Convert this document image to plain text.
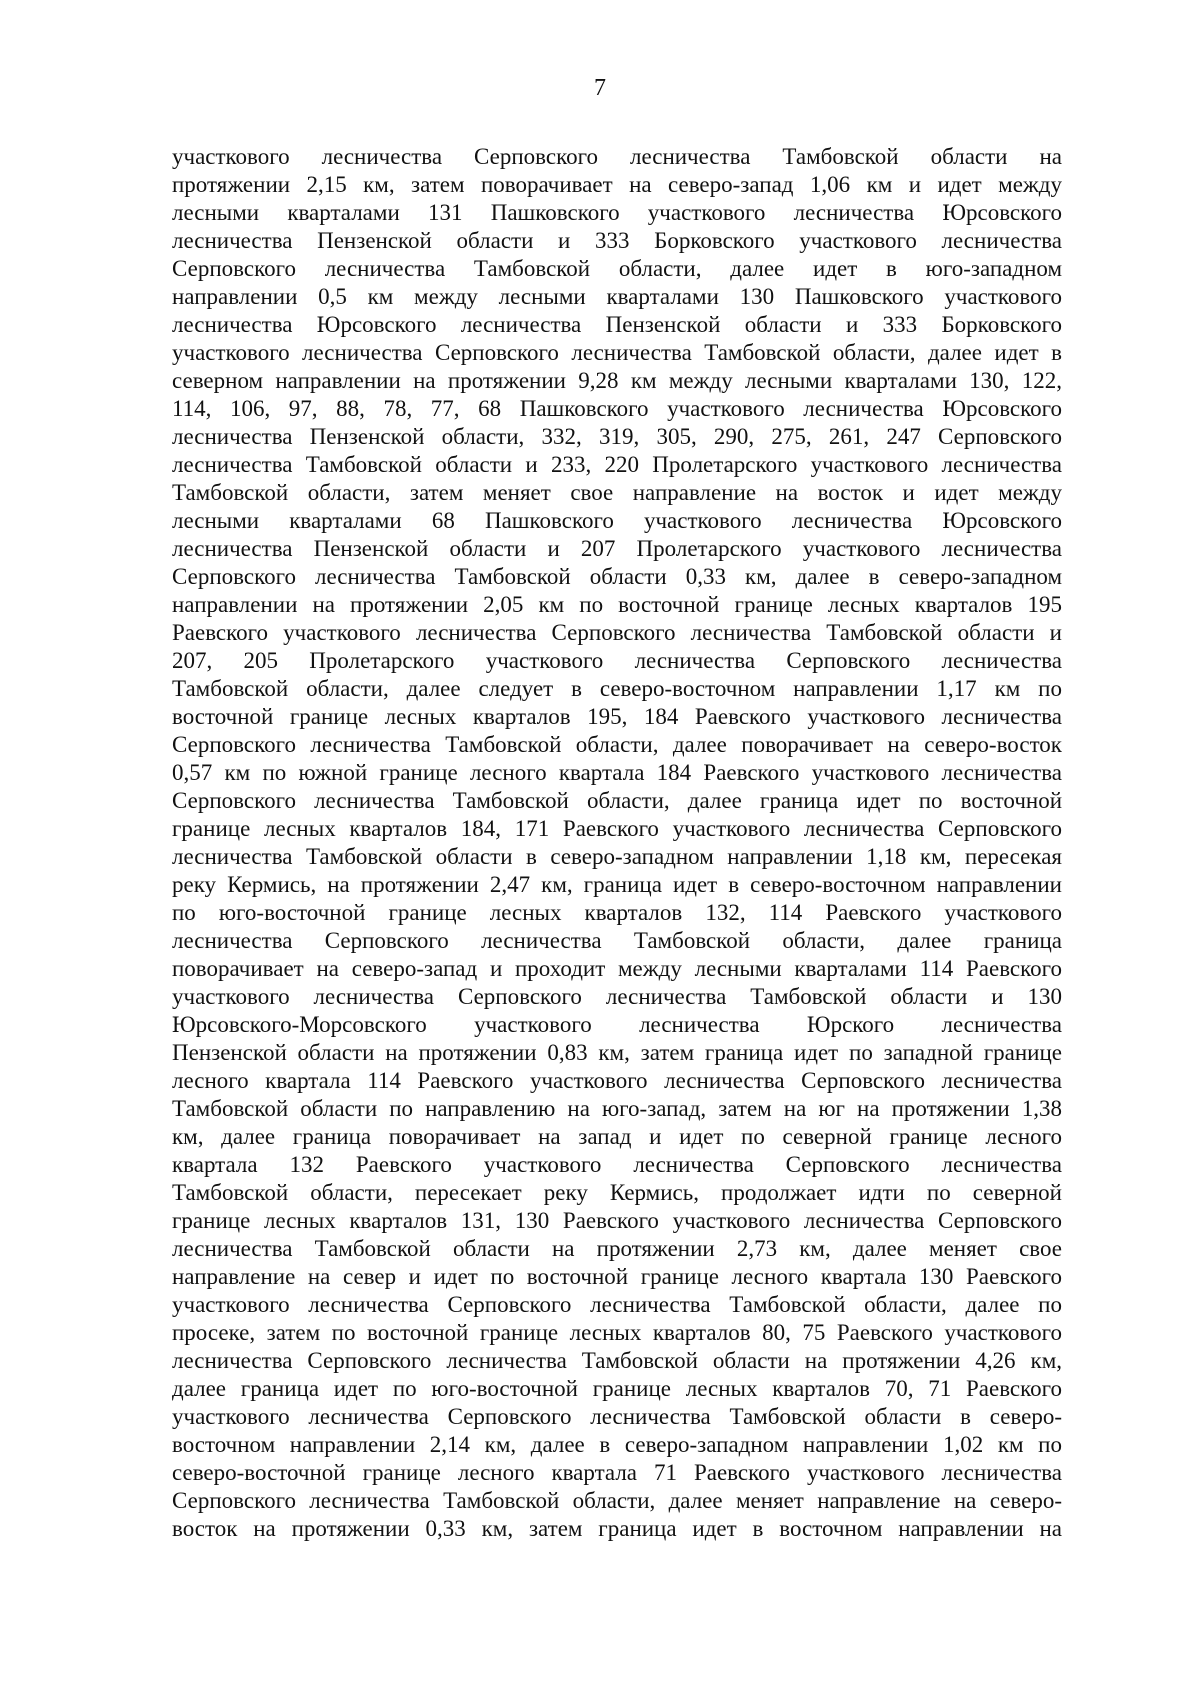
7
участкового лесничества Серповского лесничества Тамбовской области на
протяжении 2,15 км, затем поворачивает на северо-запад 1,06 км и идет между
лесными кварталами 131 Пашковского участкового лесничества Юрсовского
лесничества Пензенской области и 333 Борковского участкового лесничества
Серповского лесничества Тамбовской области, далее идет в юго-западном
направлении 0,5 км между лесными кварталами 130 Пашковского участкового
лесничества Юрсовского лесничества Пензенской области и 333 Борковского
участкового лесничества Серповского лесничества Тамбовской области, далее идет в
северном направлении на протяжении 9,28 км между лесными кварталами 130, 122,
114, 106, 97, 88, 78, 77, 68 Пашковского участкового лесничества Юрсовского
лесничества Пензенской области, 332, 319, 305, 290, 275, 261, 247 Серповского
лесничества Тамбовской области и 233, 220 Пролетарского участкового лесничества
Тамбовской области, затем меняет свое направление на восток и идет между
лесными кварталами 68 Пашковского участкового лесничества Юрсовского
лесничества Пензенской области и 207 Пролетарского участкового лесничества
Серповского лесничества Тамбовской области 0,33 км, далее в северо-западном
направлении на протяжении 2,05 км по восточной границе лесных кварталов 195
Раевского участкового лесничества Серповского лесничества Тамбовской области и
207, 205 Пролетарского участкового лесничества Серповского лесничества
Тамбовской области, далее следует в северо-восточном направлении 1,17 км по
восточной границе лесных кварталов 195, 184 Раевского участкового лесничества
Серповского лесничества Тамбовской области, далее поворачивает на северо-восток
0,57 км по южной границе лесного квартала 184 Раевского участкового лесничества
Серповского лесничества Тамбовской области, далее граница идет по восточной
границе лесных кварталов 184, 171 Раевского участкового лесничества Серповского
лесничества Тамбовской области в северо-западном направлении 1,18 км, пересекая
реку Кермись, на протяжении 2,47 км, граница идет в северо-восточном направлении
по юго-восточной границе лесных кварталов 132, 114 Раевского участкового
лесничества Серповского лесничества Тамбовской области, далее граница
поворачивает на северо-запад и проходит между лесными кварталами 114 Раевского
участкового лесничества Серповского лесничества Тамбовской области и 130
Юрсовского-Морсовского участкового лесничества Юрского лесничества
Пензенской области на протяжении 0,83 км, затем граница идет по западной границе
лесного квартала 114 Раевского участкового лесничества Серповского лесничества
Тамбовской области по направлению на юго-запад, затем на юг на протяжении 1,38
км, далее граница поворачивает на запад и идет по северной границе лесного
квартала 132 Раевского участкового лесничества Серповского лесничества
Тамбовской области, пересекает реку Кермись, продолжает идти по северной
границе лесных кварталов 131, 130 Раевского участкового лесничества Серповского
лесничества Тамбовской области на протяжении 2,73 км, далее меняет свое
направление на север и идет по восточной границе лесного квартала 130 Раевского
участкового лесничества Серповского лесничества Тамбовской области, далее по
просеке, затем по восточной границе лесных кварталов 80, 75 Раевского участкового
лесничества Серповского лесничества Тамбовской области на протяжении 4,26 км,
далее граница идет по юго-восточной границе лесных кварталов 70, 71 Раевского
участкового лесничества Серповского лесничества Тамбовской области в северо-
восточном направлении 2,14 км, далее в северо-западном направлении 1,02 км по
северо-восточной границе лесного квартала 71 Раевского участкового лесничества
Серповского лесничества Тамбовской области, далее меняет направление на северо-
восток на протяжении 0,33 км, затем граница идет в восточном направлении на
